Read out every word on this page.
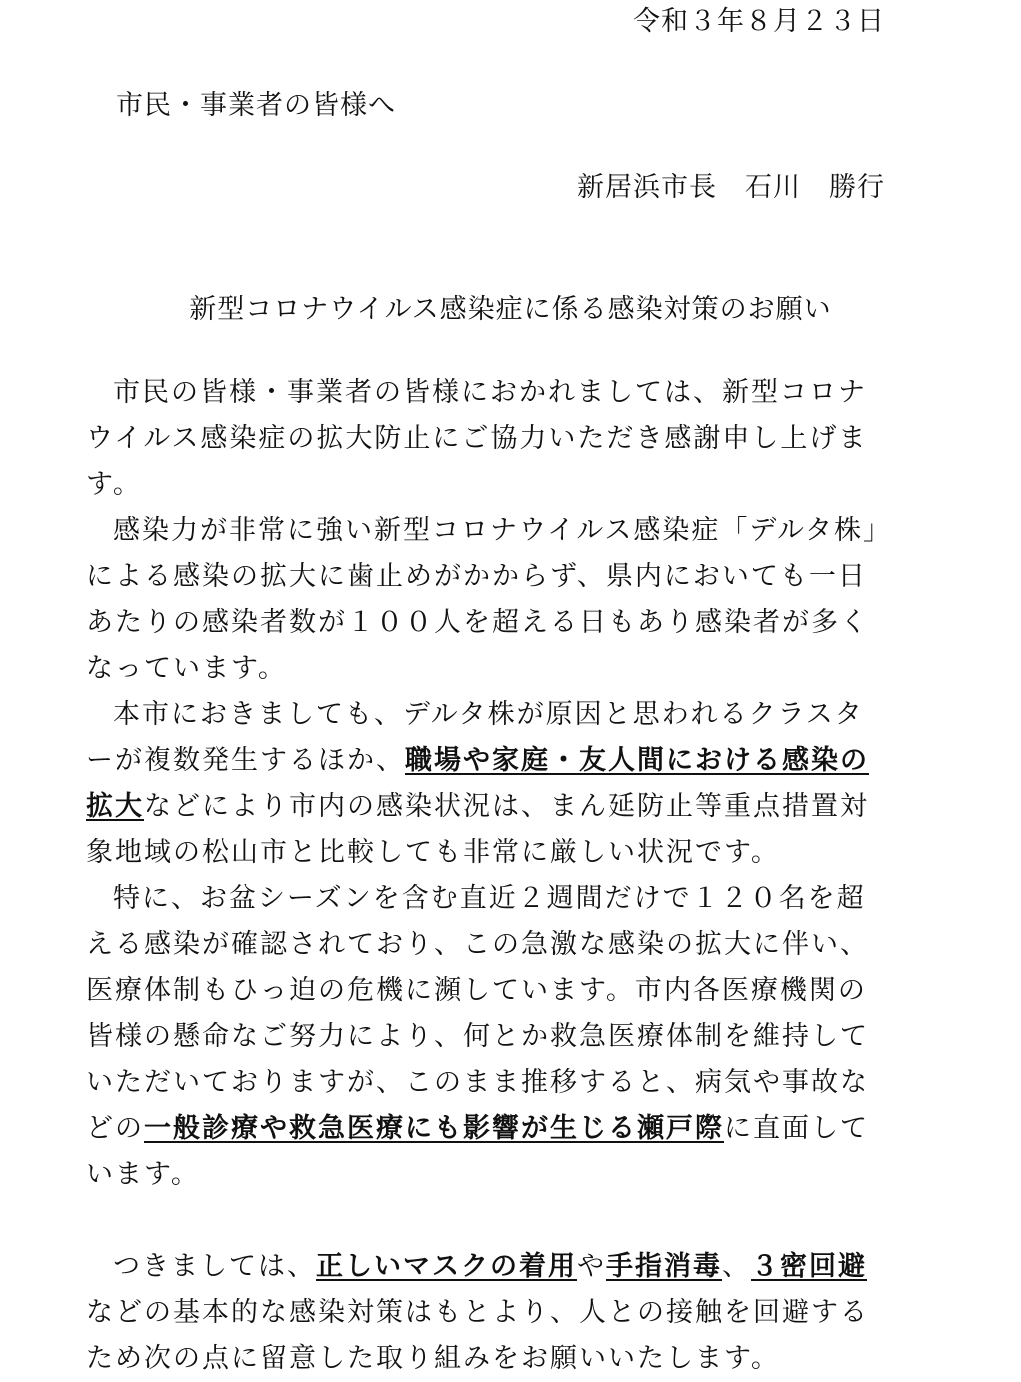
令和３年８月２３日
市民・事業者の皆様へ
新居浜市長　石川　勝行
新型コロナウイルス感染症に係る感染対策のお願い

市民の皆様・事業者の皆様におかれましては、新型コロナウイルス感染症の拡大防止にご協力いただき感謝申し上げます。

感染力が非常に強い新型コロナウイルス感染症「デルタ株」による感染の拡大に歯止めがかからず、県内においても一日あたりの感染者数が１００人を超える日もあり感染者が多くなっています。

本市におきましても、デルタ株が原因と思われるクラスターが複数発生するほか、職場や家庭・友人間における感染の拡大などにより市内の感染状況は、まん延防止等重点措置対象地域の松山市と比較しても非常に厳しい状況です。

特に、お盆シーズンを含む直近２週間だけで１２０名を超える感染が確認されており、この急激な感染の拡大に伴い、医療体制もひっ迫の危機に瀕しています。市内各医療機関の皆様の懸命なご努力により、何とか救急医療体制を維持していただいておりますが、このまま推移すると、病気や事故などの一般診療や救急医療にも影響が生じる瀬戸際に直面しています。

つきましては、正しいマスクの着用や手指消毒、３密回避などの基本的な感染対策はもとより、人との接触を回避するため次の点に留意した取り組みをお願いいたします。
